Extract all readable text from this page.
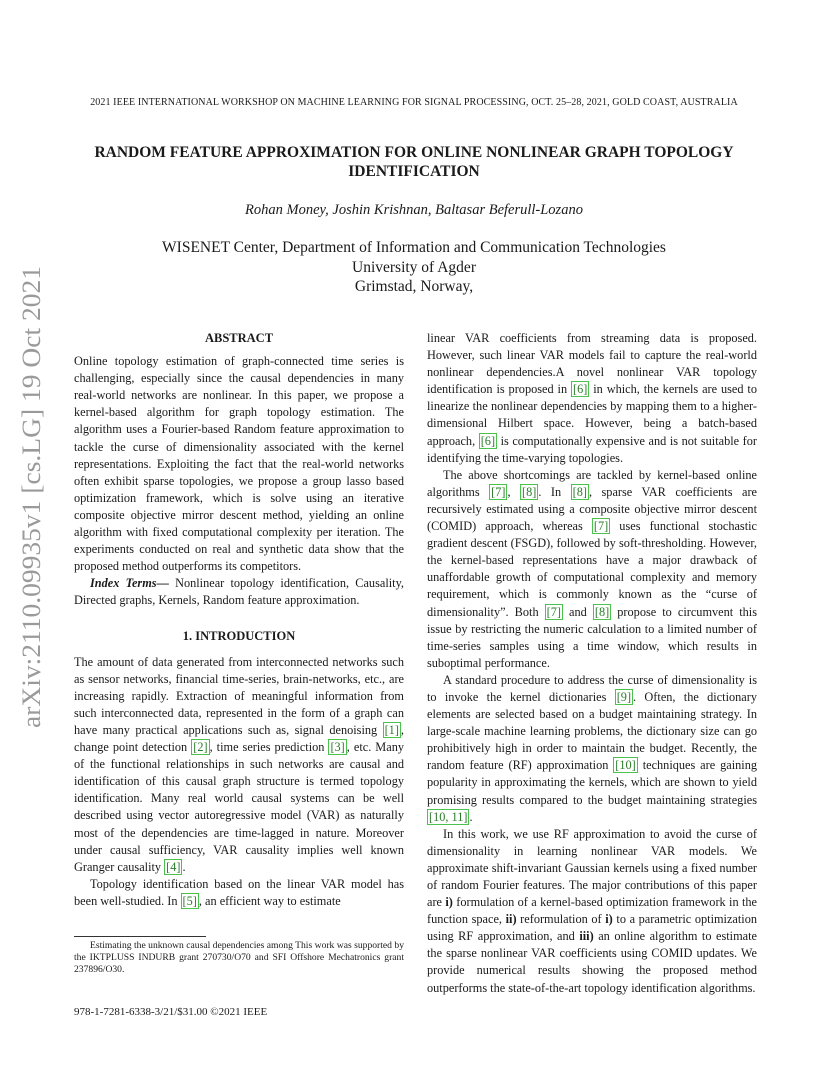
2021 IEEE INTERNATIONAL WORKSHOP ON MACHINE LEARNING FOR SIGNAL PROCESSING, OCT. 25–28, 2021, GOLD COAST, AUSTRALIA
RANDOM FEATURE APPROXIMATION FOR ONLINE NONLINEAR GRAPH TOPOLOGY
IDENTIFICATION
Rohan Money, Joshin Krishnan, Baltasar Beferull-Lozano
WISENET Center, Department of Information and Communication Technologies
University of Agder
Grimstad, Norway,
arXiv:2110.09935v1 [cs.LG] 19 Oct 2021	ABSTRACT

Online topology estimation of graph-connected time series is challenging, especially since the causal dependencies in many real-world networks are nonlinear. In this paper, we propose a kernel-based algorithm for graph topology estimation. The algorithm uses a Fourier-based Random feature approximation to tackle the curse of dimensionality associated with the kernel representations. Exploiting the fact that the real-world networks often exhibit sparse topologies, we propose a group lasso based optimization framework, which is solve using an iterative composite objective mirror descent method, yielding an online algorithm with fixed computational complexity per iteration. The experiments conducted on real and synthetic data show that the proposed method outperforms its competitors.

Index Terms— Nonlinear topology identification, Causality, Directed graphs, Kernels, Random feature approximation.

1. INTRODUCTION

The amount of data generated from interconnected networks such as sensor networks, financial time-series, brain-networks, etc., are increasing rapidly. Extraction of meaningful information from such interconnected data, represented in the form of a graph can have many practical applications such as, signal denoising [1] , change point detection [2] , time series prediction [3] , etc. Many of the functional relationships in such networks are causal and identification of this causal graph structure is termed topology identification. Many real world causal systems can be well described using vector autoregressive model (VAR) as naturally most of the dependencies are time-lagged in nature. Moreover under causal sufficiency, VAR causality implies well known Granger causality [4] .

Topology identification based on the linear VAR model has been well-studied. In [5] , an efficient way to estimate

linear VAR coefficients from streaming data is proposed. However, such linear VAR models fail to capture the real-world nonlinear dependencies.A novel nonlinear VAR topology identification is proposed in [6] in which, the kernels are used to linearize the nonlinear dependencies by mapping them to a higher-dimensional Hilbert space. However, being a batch-based approach, [6] is computationally expensive and is not suitable for identifying the time-varying topologies.

The above shortcomings are tackled by kernel-based online algorithms [7] , [8] . In [8] , sparse VAR coefficients are recursively estimated using a composite objective mirror descent (COMID) approach, whereas [7] uses functional stochastic gradient descent (FSGD), followed by soft-thresholding. However, the kernel-based representations have a major drawback of unaffordable growth of computational complexity and memory requirement, which is commonly known as the “curse of dimensionality”. Both [7] and [8] propose to circumvent this issue by restricting the numeric calculation to a limited number of time-series samples using a time window, which results in suboptimal performance.

A standard procedure to address the curse of dimensionality is to invoke the kernel dictionaries [9] . Often, the dictionary elements are selected based on a budget maintaining strategy. In large-scale machine learning problems, the dictionary size can go prohibitively high in order to maintain the budget. Recently, the random feature (RF) approximation [10] techniques are gaining popularity in approximating the kernels, which are shown to yield promising results compared to the budget maintaining strategies [10, 11] .

In this work, we use RF approximation to avoid the curse of dimensionality in learning nonlinear VAR models. We approximate shift-invariant Gaussian kernels using a fixed number of random Fourier features. The major contributions of this paper are i) formulation of a kernel-based optimization framework in the function space, ii) reformulation of i) to a parametric optimization using RF approximation, and iii) an online algorithm to estimate the sparse nonlinear VAR coefficients using COMID updates. We provide numerical results showing the proposed method outperforms the state-of-the-art topology identification algorithms.

Estimating the unknown causal dependencies among This work was supported by the IKTPLUSS INDURB grant 270730/O70 and SFI Offshore Mechatronics grant 237896/O30.
978-1-7281-6338-3/21/$31.00 ©2021 IEEE
